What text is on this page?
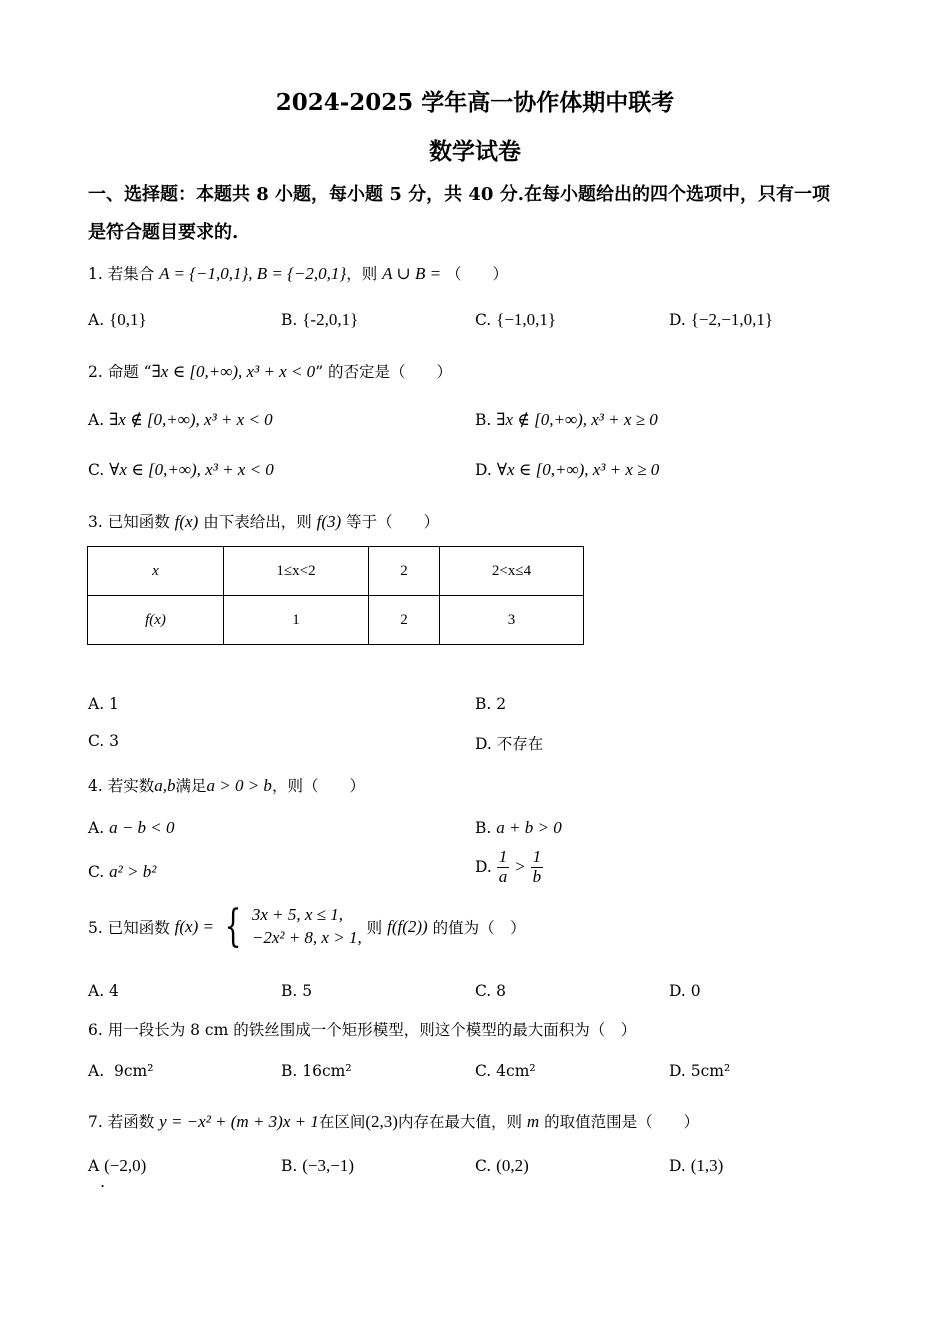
2024-2025 学年高一协作体期中联考
数学试卷
一、选择题：本题共 8 小题，每小题 5 分，共 40 分.在每小题给出的四个选项中，只有一项
是符合题目要求的.
1. 若集合 A = {−1,0,1}, B = {−2,0,1}，则 A ∪ B = （　　）
A. {0,1}	B. {-2,0,1}	C. {−1,0,1}	D. {−2,−1,0,1}
2. 命题 “∃x ∈ [0,+∞), x³ + x < 0” 的否定是（　　）
A. ∃x ∉ [0,+∞), x³ + x < 0	B. ∃x ∉ [0,+∞), x³ + x ≥ 0
C. ∀x ∈ [0,+∞), x³ + x < 0	D. ∀x ∈ [0,+∞), x³ + x ≥ 0
3. 已知函数 f(x) 由下表给出，则 f(3) 等于（　　）
x	1≤x<2	2	2<x≤4
f(x)	1	2	3
A. 1	B. 2
C. 3	D. 不存在
4. 若实数a,b满足a > 0 > b，则（　　）
A. a − b < 0	B. a + b > 0
C. a² > b²	D. $\frac{1}{a} > \frac{1}{b}$
5. 已知函数 f(x) = { 3x + 5, x ≤ 1,
−2x² + 8, x > 1, 则 f(f(2)) 的值为（　）
A. 4	B. 5	C. 8	D. 0
6. 用一段长为 8 cm 的铁丝围成一个矩形模型，则这个模型的最大面积为（　）
A. 9cm²	B. 16cm²	C. 4cm²	D. 5cm²
7. 若函数 y = −x² + (m + 3)x + 1在区间(2,3)内存在最大值，则 m 的取值范围是（　　）
A (−2,0)	B. (−3,−1)	C. (0,2)	D. (1,3)
.
